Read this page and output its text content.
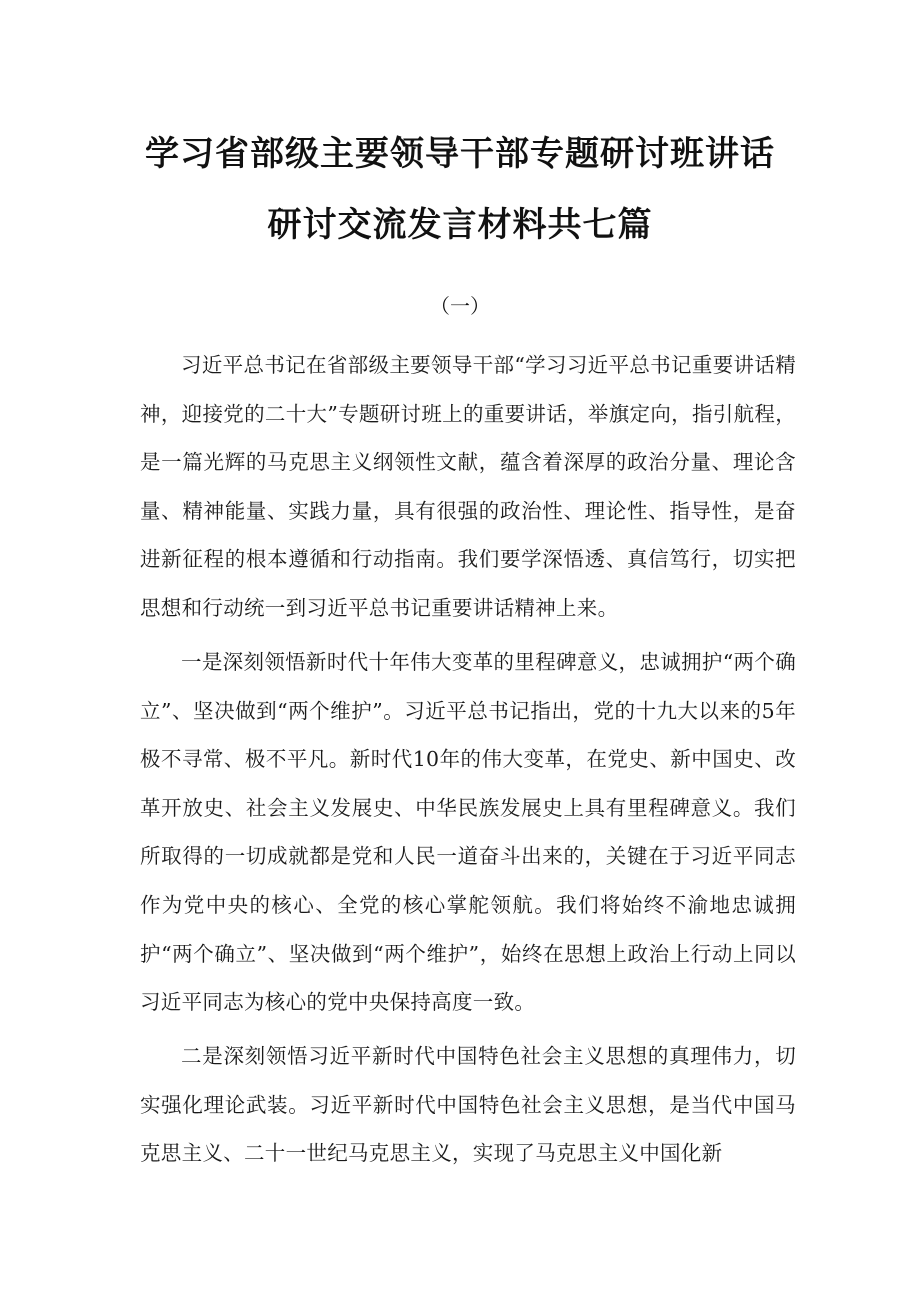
学习省部级主要领导干部专题研讨班讲话
研讨交流发言材料共七篇
（一）

习近平总书记在省部级主要领导干部“学习习近平总书记重要讲话精神，迎接党的二十大”专题研讨班上的重要讲话，举旗定向，指引航程，是一篇光辉的马克思主义纲领性文献，蕴含着深厚的政治分量、理论含量、精神能量、实践力量，具有很强的政治性、理论性、指导性，是奋进新征程的根本遵循和行动指南。我们要学深悟透、真信笃行，切实把思想和行动统一到习近平总书记重要讲话精神上来。

一是深刻领悟新时代十年伟大变革的里程碑意义，忠诚拥护“两个确立”、坚决做到“两个维护”。习近平总书记指出，党的十九大以来的5年极不寻常、极不平凡。新时代10年的伟大变革，在党史、新中国史、改革开放史、社会主义发展史、中华民族发展史上具有里程碑意义。我们所取得的一切成就都是党和人民一道奋斗出来的，关键在于习近平同志作为党中央的核心、全党的核心掌舵领航。我们将始终不渝地忠诚拥护“两个确立”、坚决做到“两个维护”，始终在思想上政治上行动上同以习近平同志为核心的党中央保持高度一致。

二是深刻领悟习近平新时代中国特色社会主义思想的真理伟力，切实强化理论武装。习近平新时代中国特色社会主义思想，是当代中国马克思主义、二十一世纪马克思主义，实现了马克思主义中国化新
